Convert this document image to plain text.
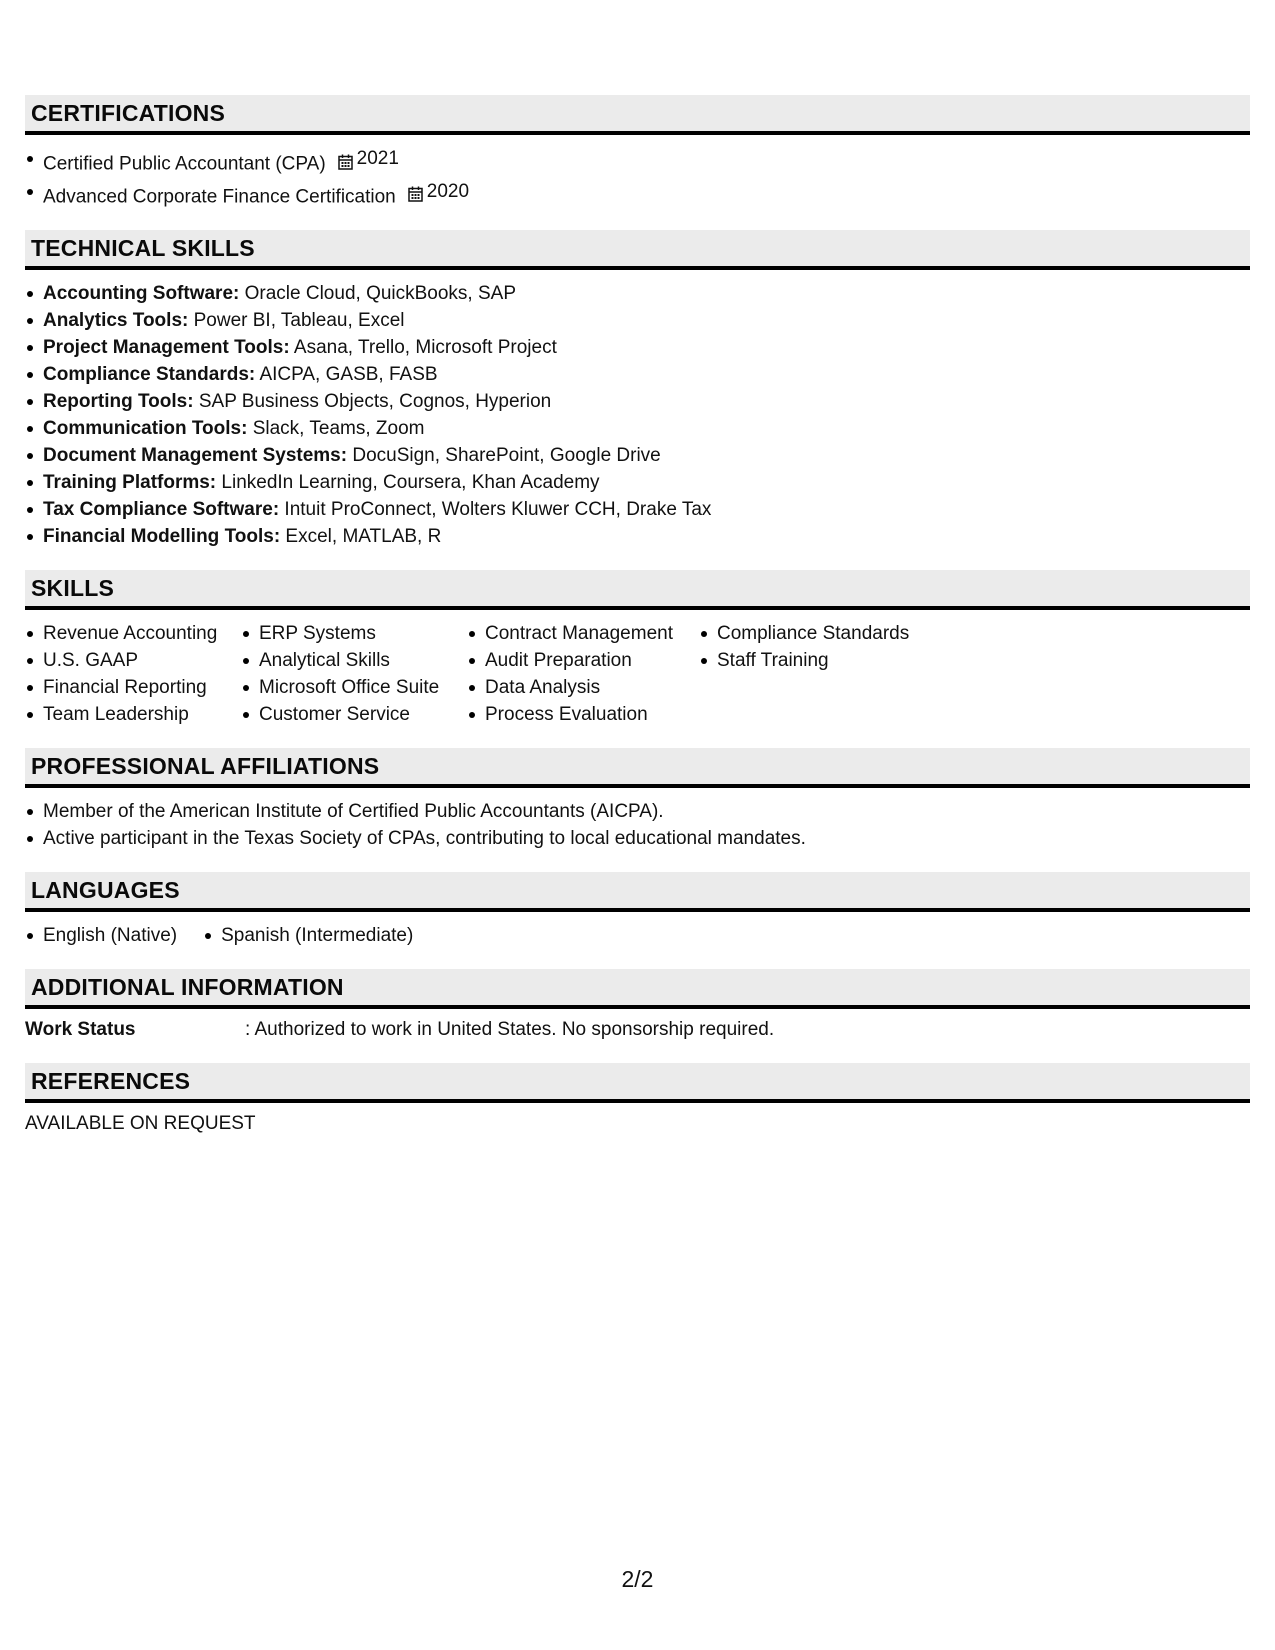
CERTIFICATIONS
Certified Public Accountant (CPA) 2021
Advanced Corporate Finance Certification 2020
TECHNICAL SKILLS
Accounting Software: Oracle Cloud, QuickBooks, SAP
Analytics Tools: Power BI, Tableau, Excel
Project Management Tools: Asana, Trello, Microsoft Project
Compliance Standards: AICPA, GASB, FASB
Reporting Tools: SAP Business Objects, Cognos, Hyperion
Communication Tools: Slack, Teams, Zoom
Document Management Systems: DocuSign, SharePoint, Google Drive
Training Platforms: LinkedIn Learning, Coursera, Khan Academy
Tax Compliance Software: Intuit ProConnect, Wolters Kluwer CCH, Drake Tax
Financial Modelling Tools: Excel, MATLAB, R
SKILLS
Revenue Accounting
U.S. GAAP
Financial Reporting
Team Leadership
ERP Systems
Analytical Skills
Microsoft Office Suite
Customer Service
Contract Management
Audit Preparation
Data Analysis
Process Evaluation
Compliance Standards
Staff Training
PROFESSIONAL AFFILIATIONS
Member of the American Institute of Certified Public Accountants (AICPA).
Active participant in the Texas Society of CPAs, contributing to local educational mandates.
LANGUAGES
English (Native)	Spanish (Intermediate)
ADDITIONAL INFORMATION
Work Status	: Authorized to work in United States. No sponsorship required.
REFERENCES
AVAILABLE ON REQUEST
2/2
